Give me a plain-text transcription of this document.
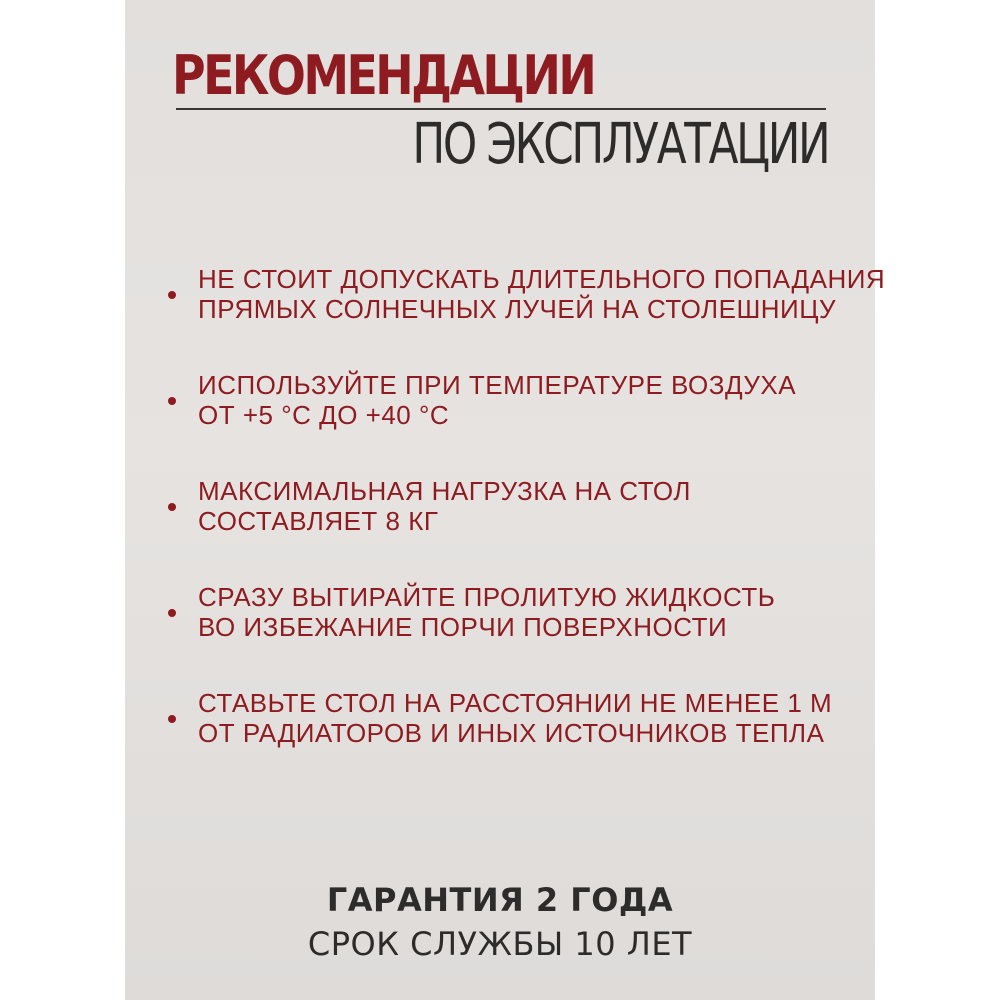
РЕКОМЕНДАЦИИ
ПО ЭКСПЛУАТАЦИИ
НЕ СТОИТ ДОПУСКАТЬ ДЛИТЕЛЬНОГО ПОПАДАНИЯ
ПРЯМЫХ СОЛНЕЧНЫХ ЛУЧЕЙ НА СТОЛЕШНИЦУ
ИСПОЛЬЗУЙТЕ ПРИ ТЕМПЕРАТУРЕ ВОЗДУХА
ОТ +5 °С ДО +40 °С
МАКСИМАЛЬНАЯ НАГРУЗКА НА СТОЛ
СОСТАВЛЯЕТ 8 КГ
СРАЗУ ВЫТИРАЙТЕ ПРОЛИТУЮ ЖИДКОСТЬ
ВО ИЗБЕЖАНИЕ ПОРЧИ ПОВЕРХНОСТИ
СТАВЬТЕ СТОЛ НА РАССТОЯНИИ НЕ МЕНЕЕ 1 М
ОТ РАДИАТОРОВ И ИНЫХ ИСТОЧНИКОВ ТЕПЛА

ГАРАНТИЯ 2 ГОДА

СРОК СЛУЖБЫ 10 ЛЕТ
